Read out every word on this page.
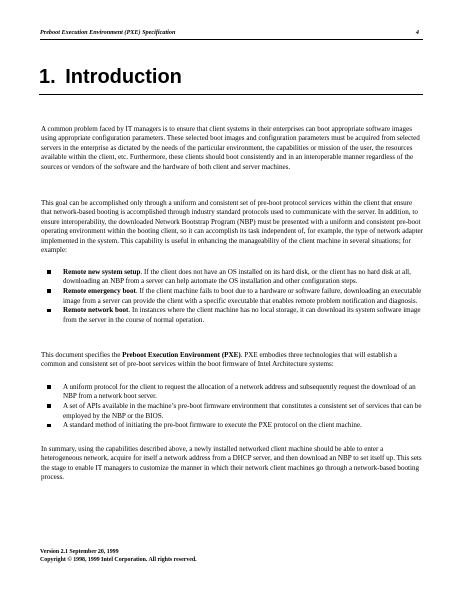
Preboot Execution Environment (PXE) Specification	4
1. Introduction

A common problem faced by IT managers is to ensure that client systems in their enterprises can boot appropriate software images using appropriate configuration parameters. These selected boot images and configuration parameters must be acquired from selected servers in the enterprise as dictated by the needs of the particular environment, the capabilities or mission of the user, the resources available within the client, etc. Furthermore, these clients should boot consistently and in an interoperable manner regardless of the sources or vendors of the software and the hardware of both client and server machines.

This goal can be accomplished only through a uniform and consistent set of pre-boot protocol services within the client that ensure that network-based booting is accomplished through industry standard protocols used to communicate with the server. In addition, to ensure interoperability, the downloaded Network Bootstrap Program (NBP) must be presented with a uniform and consistent pre-boot operating environment within the booting client, so it can accomplish its task independent of, for example, the type of network adapter implemented in the system. This capability is useful in enhancing the manageability of the client machine in several situations; for example:

Remote new system setup. If the client does not have an OS installed on its hard disk, or the client has no hard disk at all, downloading an NBP from a server can help automate the OS installation and other configuration steps.
Remote emergency boot. If the client machine fails to boot due to a hardware or software failure, downloading an executable image from a server can provide the client with a specific executable that enables remote problem notification and diagnosis.
Remote network boot. In instances where the client machine has no local storage, it can download its system software image from the server in the course of normal operation.

This document specifies the Preboot Execution Environment (PXE). PXE embodies three technologies that will establish a common and consistent set of pre-boot services within the boot firmware of Intel Architecture systems:

A uniform protocol for the client to request the allocation of a network address and subsequently request the download of an NBP from a network boot server.
A set of APIs available in the machine’s pre-boot firmware environment that constitutes a consistent set of services that can be employed by the NBP or the BIOS.
A standard method of initiating the pre-boot firmware to execute the PXE protocol on the client machine.

In summary, using the capabilities described above, a newly installed networked client machine should be able to enter a heterogeneous network, acquire for itself a network address from a DHCP server, and then download an NBP to set itself up. This sets the stage to enable IT managers to customize the manner in which their network client machines go through a network-based booting process.

Version 2.1 September 20, 1999
Copyright © 1998, 1999 Intel Corporation. All rights reserved.
